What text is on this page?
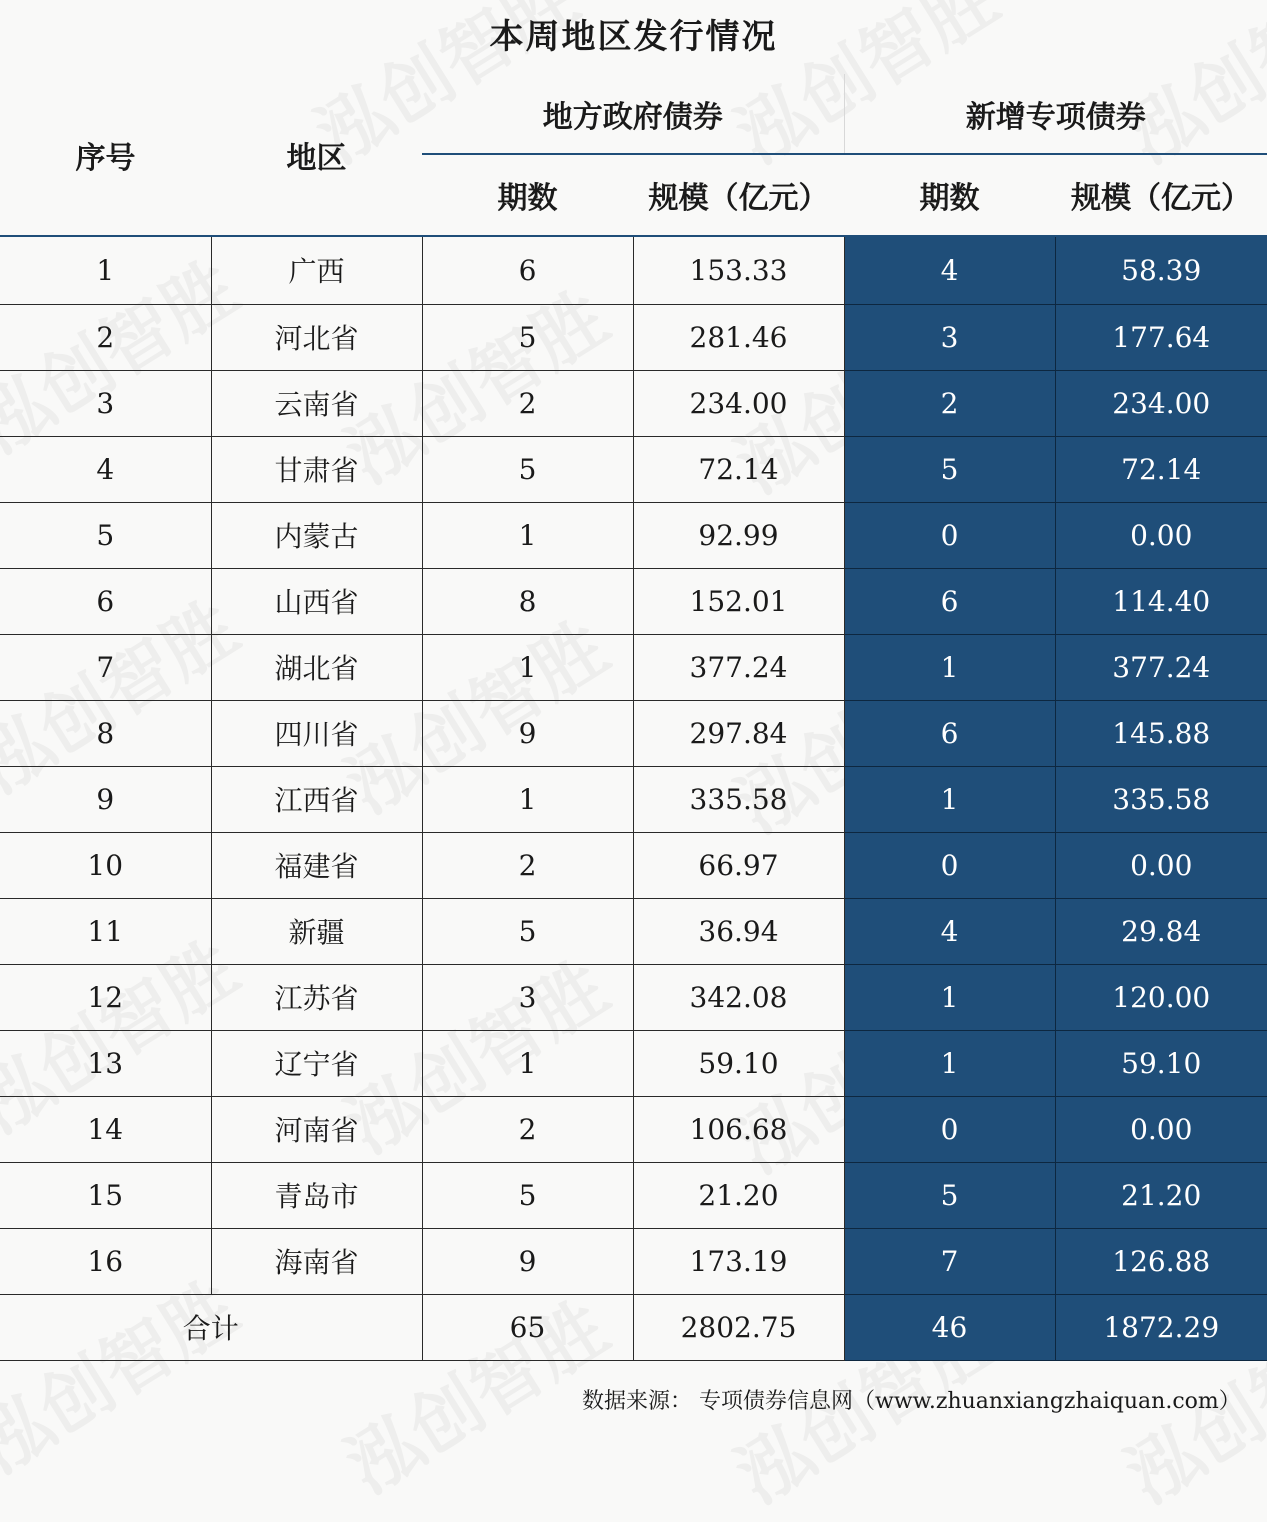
本周地区发行情况
序号	地区	地方政府债券		新增专项债券	
		期数	规模（亿元）	期数	规模（亿元）
1	广西	6	153.33	4	58.39
2	河北省	5	281.46	3	177.64
3	云南省	2	234.00	2	234.00
4	甘肃省	5	72.14	5	72.14
5	内蒙古	1	92.99	0	0.00
6	山西省	8	152.01	6	114.40
7	湖北省	1	377.24	1	377.24
8	四川省	9	297.84	6	145.88
9	江西省	1	335.58	1	335.58
10	福建省	2	66.97	0	0.00
11	新疆	5	36.94	4	29.84
12	江苏省	3	342.08	1	120.00
13	辽宁省	1	59.10	1	59.10
14	河南省	2	106.68	0	0.00
15	青岛市	5	21.20	5	21.20
16	海南省	9	173.19	7	126.88
合计		65	2802.75	46	1872.29
数据来源： 专项债券信息网（www.zhuanxiangzhaiquan.com）
